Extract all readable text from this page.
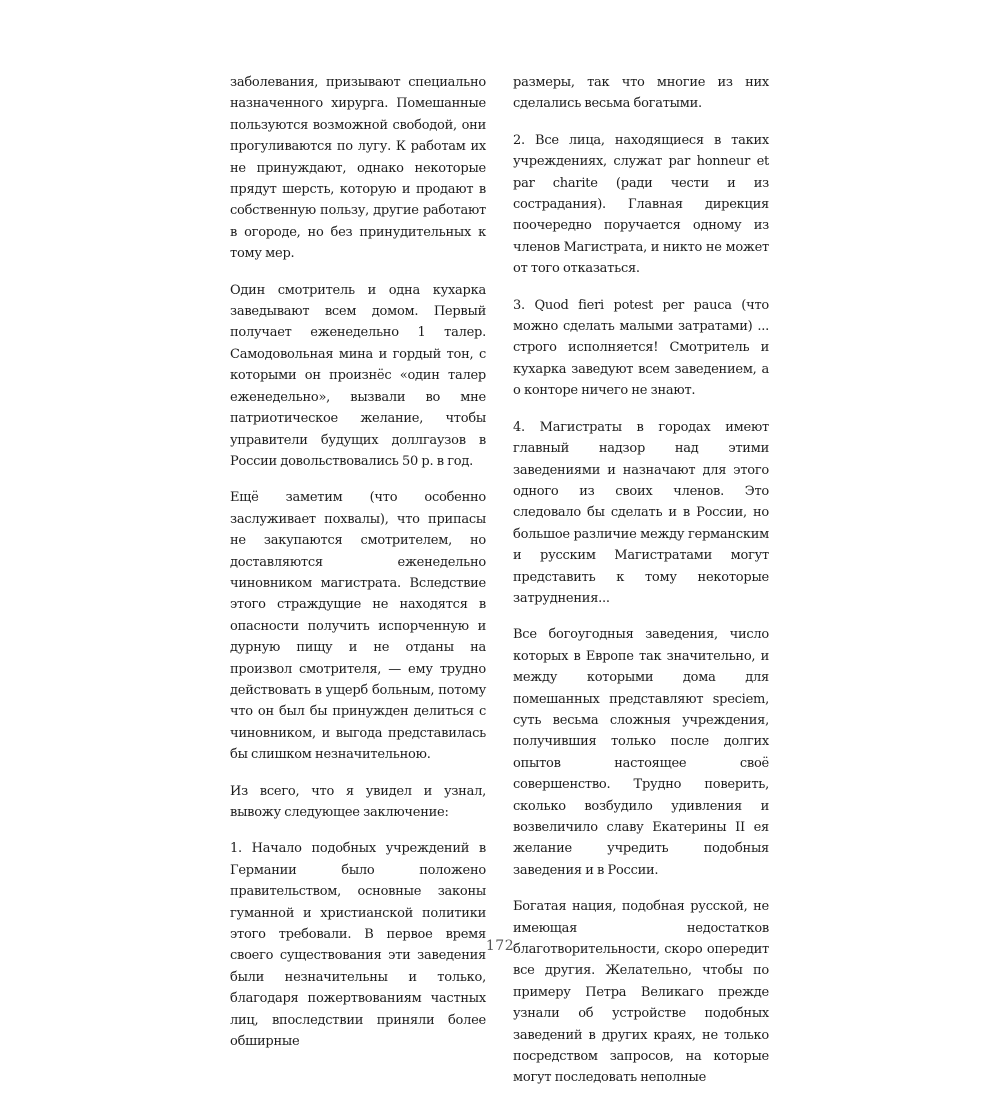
заболевания, призывают специально назначенного хирурга. Помешанные пользуются возможной свободой, они прогуливаются по лугу. К работам их не принуждают, однако некоторые прядут шерсть, которую и продают в собственную пользу, другие работают в огороде, но без принудительных к тому мер.

Один смотритель и одна кухарка заведывают всем домом. Первый получает еженедельно 1 талер. Самодовольная мина и гордый тон, с которыми он произнёс «один талер еженедельно», вызвали во мне патриотическое желание, чтобы управители будущих доллгаузов в России довольствовались 50 р. в год.

Ещё заметим (что особенно заслуживает похвалы), что припасы не закупаются смотрителем, но доставляются еженедельно чиновником магистрата. Вследствие этого страждущие не находятся в опасности получить испорченную и дурную пищу и не отданы на произвол смотрителя, — ему трудно действовать в ущерб больным, потому что он был бы принужден делиться с чиновником, и выгода представилась бы слишком незначительною.

Из всего, что я увидел и узнал, вывожу следующее заключение:

1. Начало подобных учреждений в Германии было положено правительством, основные законы гуманной и христианской политики этого требовали. В первое время своего существования эти заведения были незначительны и только, благодаря пожертвованиям частных лиц, впоследствии приняли более обширные

размеры, так что многие из них сделались весьма богатыми.

2. Все лица, находящиеся в таких учреждениях, служат par honneur et par charite (ради чести и из сострадания). Главная дирекция поочередно поручается одному из членов Магистрата, и никто не может от того отказаться.

3. Quod fieri potest per pauca (что можно сделать малыми затратами) ... строго исполняется! Смотритель и кухарка заведуют всем заведением, а о конторе ничего не знают.

4. Магистраты в городах имеют главный надзор над этими заведениями и назначают для этого одного из своих членов. Это следовало бы сделать и в России, но большое различие между германским и русским Магистратами могут представить к тому некоторые затруднения...

Все богоугодныя заведения, число которых в Европе так значительно, и между которыми дома для помешанных представляют speciem, суть весьма сложныя учреждения, получившия только после долгих опытов настоящее своё совершенство. Трудно поверить, сколько возбудило удивления и возвеличило славу Екатерины II ея желание учредить подобныя заведения и в России.

Богатая нация, подобная русской, не имеющая недостатков благотворительности, скоро опередит все другия. Желательно, чтобы по примеру Петра Великаго прежде узнали об устройстве подобных заведений в других краях, не только посредством запросов, на которые могут последовать неполные

172
